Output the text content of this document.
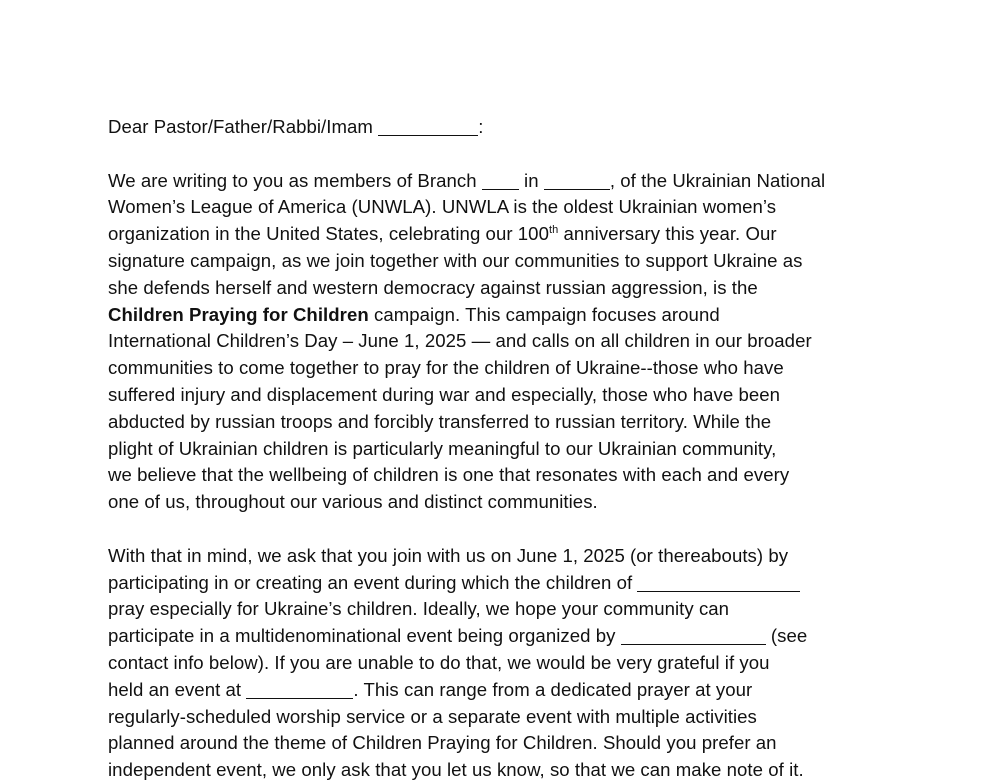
Dear Pastor/Father/Rabbi/Imam	:
We are writing to you as members of Branch  in	, of the Ukrainian National
Women’s League of America (UNWLA). UNWLA is the oldest Ukrainian women’s
organization in the United States, celebrating our 100th anniversary this year. Our
signature campaign, as we join together with our communities to support Ukraine as
she defends herself and western democracy against russian aggression, is the
Children Praying for Children campaign. This campaign focuses around
International Children’s Day – June 1, 2025 — and calls on all children in our broader
communities to come together to pray for the children of Ukraine--those who have
suffered injury and displacement during war and especially, those who have been
abducted by russian troops and forcibly transferred to russian territory. While the
plight of Ukrainian children is particularly meaningful to our Ukrainian community,
we believe that the wellbeing of children is one that resonates with each and every
one of us, throughout our various and distinct communities.
With that in mind, we ask that you join with us on June 1, 2025 (or thereabouts) by
participating in or creating an event during which the children of
pray especially for Ukraine’s children. Ideally, we hope your community can
participate in a multidenominational event being organized by	(see
contact info below). If you are unable to do that, we would be very grateful if you
held an event at	. This can range from a dedicated prayer at your
regularly-scheduled worship service or a separate event with multiple activities
planned around the theme of Children Praying for Children. Should you prefer an
independent event, we only ask that you let us know, so that we can make note of it.
